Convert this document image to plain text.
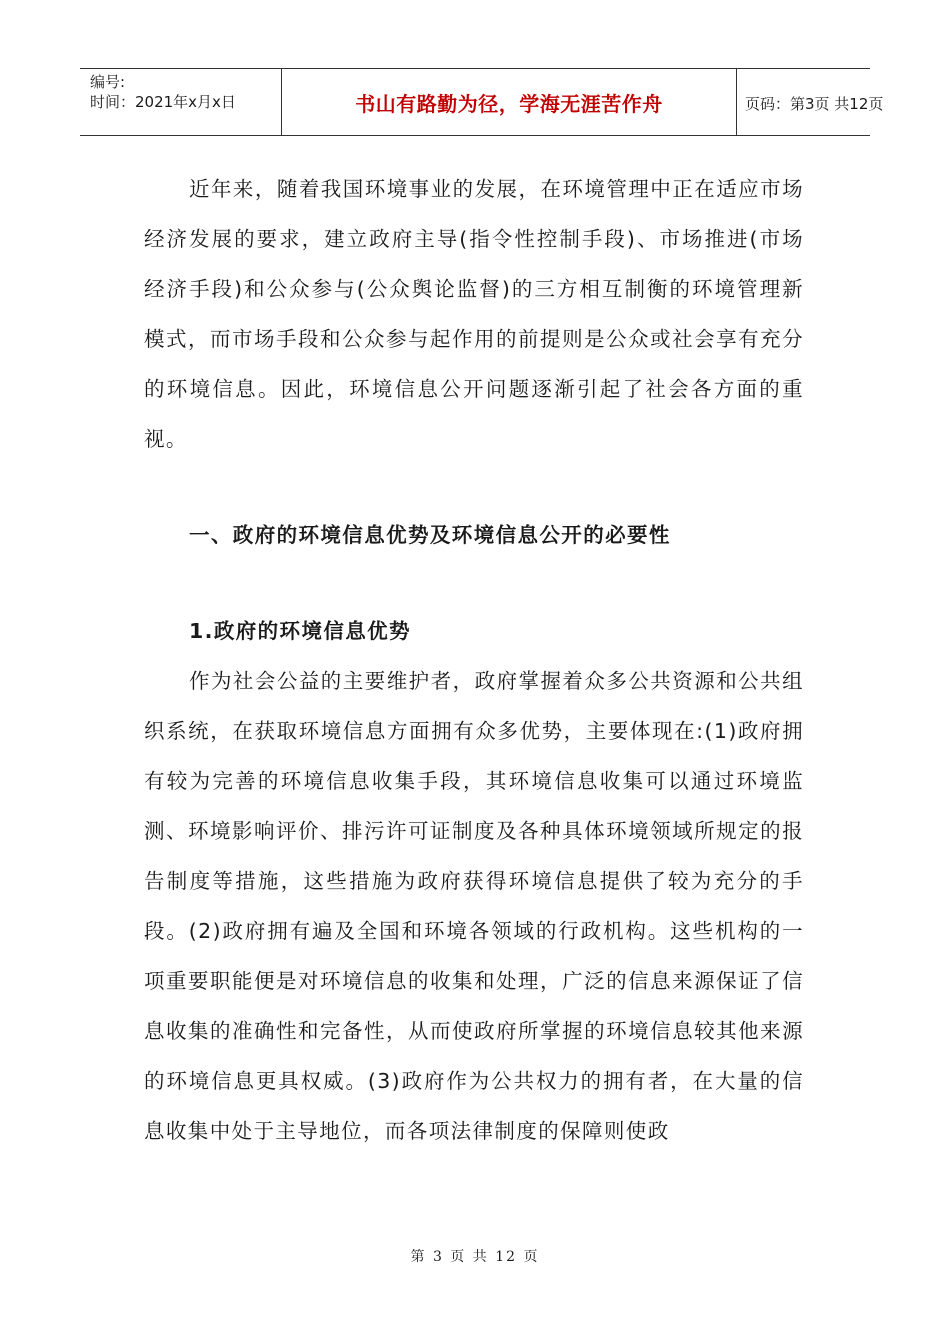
编号:
时间：2021年x月x日	书山有路勤为径，学海无涯苦作舟	页码：第3页 共12页

近年来，随着我国环境事业的发展，在环境管理中正在适应市场经济发展的要求，建立政府主导(指令性控制手段)、市场推进(市场经济手段)和公众参与(公众舆论监督)的三方相互制衡的环境管理新模式，而市场手段和公众参与起作用的前提则是公众或社会享有充分的环境信息。因此，环境信息公开问题逐渐引起了社会各方面的重视。

一、政府的环境信息优势及环境信息公开的必要性

1.政府的环境信息优势

作为社会公益的主要维护者，政府掌握着众多公共资源和公共组织系统，在获取环境信息方面拥有众多优势，主要体现在:(1)政府拥有较为完善的环境信息收集手段，其环境信息收集可以通过环境监测、环境影响评价、排污许可证制度及各种具体环境领域所规定的报告制度等措施，这些措施为政府获得环境信息提供了较为充分的手段。(2)政府拥有遍及全国和环境各领域的行政机构。这些机构的一项重要职能便是对环境信息的收集和处理，广泛的信息来源保证了信息收集的准确性和完备性，从而使政府所掌握的环境信息较其他来源的环境信息更具权威。(3)政府作为公共权力的拥有者，在大量的信息收集中处于主导地位，而各项法律制度的保障则使政

第 3 页 共 12 页
